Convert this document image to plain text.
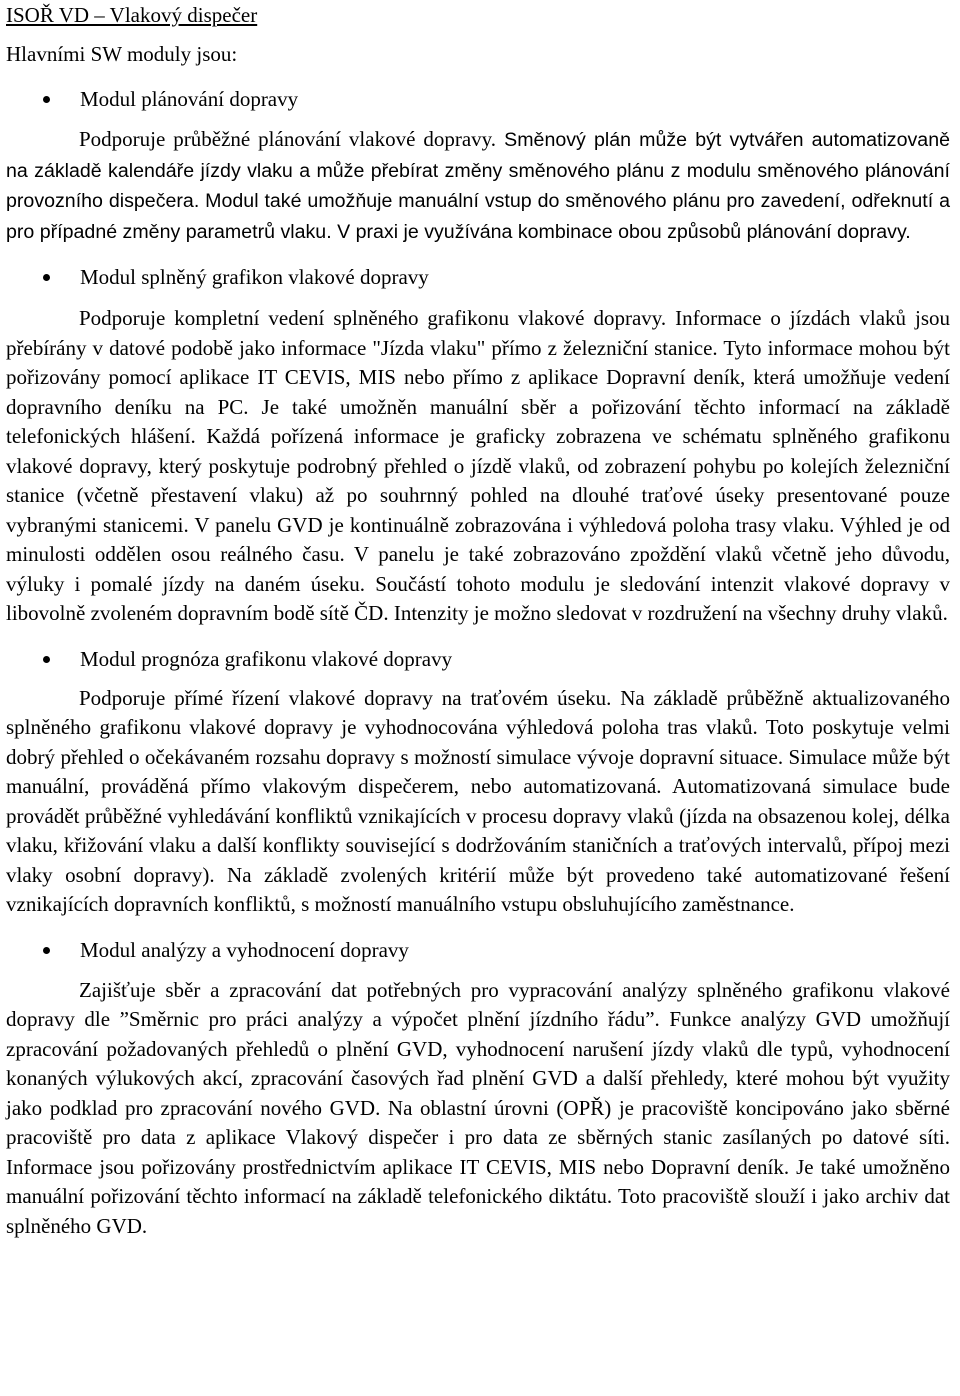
ISOŘ VD – Vlakový dispečer

Hlavními SW moduly jsou:

Modul plánování dopravy

Podporuje průběžné plánování vlakové dopravy. Směnový plán může být vytvářen automatizovaně na základě kalendáře jízdy vlaku a může přebírat změny směnového plánu z modulu směnového plánování provozního dispečera. Modul také umožňuje manuální vstup do směnového plánu pro zavedení, odřeknutí a pro případné změny parametrů vlaku. V praxi je využívána kombinace obou způsobů plánování dopravy.

Modul splněný grafikon vlakové dopravy

Podporuje kompletní vedení splněného grafikonu vlakové dopravy. Informace o jízdách vlaků jsou přebírány v datové podobě jako informace "Jízda vlaku" přímo z železniční stanice. Tyto informace mohou být pořizovány pomocí aplikace IT CEVIS, MIS nebo přímo z aplikace Dopravní deník, která umožňuje vedení dopravního deníku na PC. Je také umožněn manuální sběr a pořizování těchto informací na základě telefonických hlášení. Každá pořízená informace je graficky zobrazena ve schématu splněného grafikonu vlakové dopravy, který poskytuje podrobný přehled o jízdě vlaků, od zobrazení pohybu po kolejích železniční stanice (včetně přestavení vlaku) až po souhrnný pohled na dlouhé traťové úseky presentované pouze vybranými stanicemi. V panelu GVD je kontinuálně zobrazována i výhledová poloha trasy vlaku. Výhled je od minulosti oddělen osou reálného času. V panelu je také zobrazováno zpoždění vlaků včetně jeho důvodu, výluky i pomalé jízdy na daném úseku. Součástí tohoto modulu je sledování intenzit vlakové dopravy v libovolně zvoleném dopravním bodě sítě ČD. Intenzity je možno sledovat v rozdružení na všechny druhy vlaků.

Modul prognóza grafikonu vlakové dopravy

Podporuje přímé řízení vlakové dopravy na traťovém úseku. Na základě průběžně aktualizovaného splněného grafikonu vlakové dopravy je vyhodnocována výhledová poloha tras vlaků. Toto poskytuje velmi dobrý přehled o očekávaném rozsahu dopravy s možností simulace vývoje dopravní situace. Simulace může být manuální, prováděná přímo vlakovým dispečerem, nebo automatizovaná. Automatizovaná simulace bude provádět průběžné vyhledávání konfliktů vznikajících v procesu dopravy vlaků (jízda na obsazenou kolej, délka vlaku, křižování vlaku a další konflikty související s dodržováním staničních a traťových intervalů, přípoj mezi vlaky osobní dopravy). Na základě zvolených kritérií může být provedeno také automatizované řešení vznikajících dopravních konfliktů, s možností manuálního vstupu obsluhujícího zaměstnance.

Modul analýzy a vyhodnocení dopravy

Zajišťuje sběr a zpracování dat potřebných pro vypracování analýzy splněného grafikonu vlakové dopravy dle ”Směrnic pro práci analýzy a výpočet plnění jízdního řádu”. Funkce analýzy GVD umožňují zpracování požadovaných přehledů o plnění GVD, vyhodnocení narušení jízdy vlaků dle typů, vyhodnocení konaných výlukových akcí, zpracování časových řad plnění GVD a další přehledy, které mohou být využity jako podklad pro zpracování nového GVD. Na oblastní úrovni (OPŘ) je pracoviště koncipováno jako sběrné pracoviště pro data z aplikace Vlakový dispečer i pro data ze sběrných stanic zasílaných po datové síti. Informace jsou pořizovány prostřednictvím aplikace IT CEVIS, MIS nebo Dopravní deník. Je také umožněno manuální pořizování těchto informací na základě telefonického diktátu. Toto pracoviště slouží i jako archiv dat splněného GVD.
